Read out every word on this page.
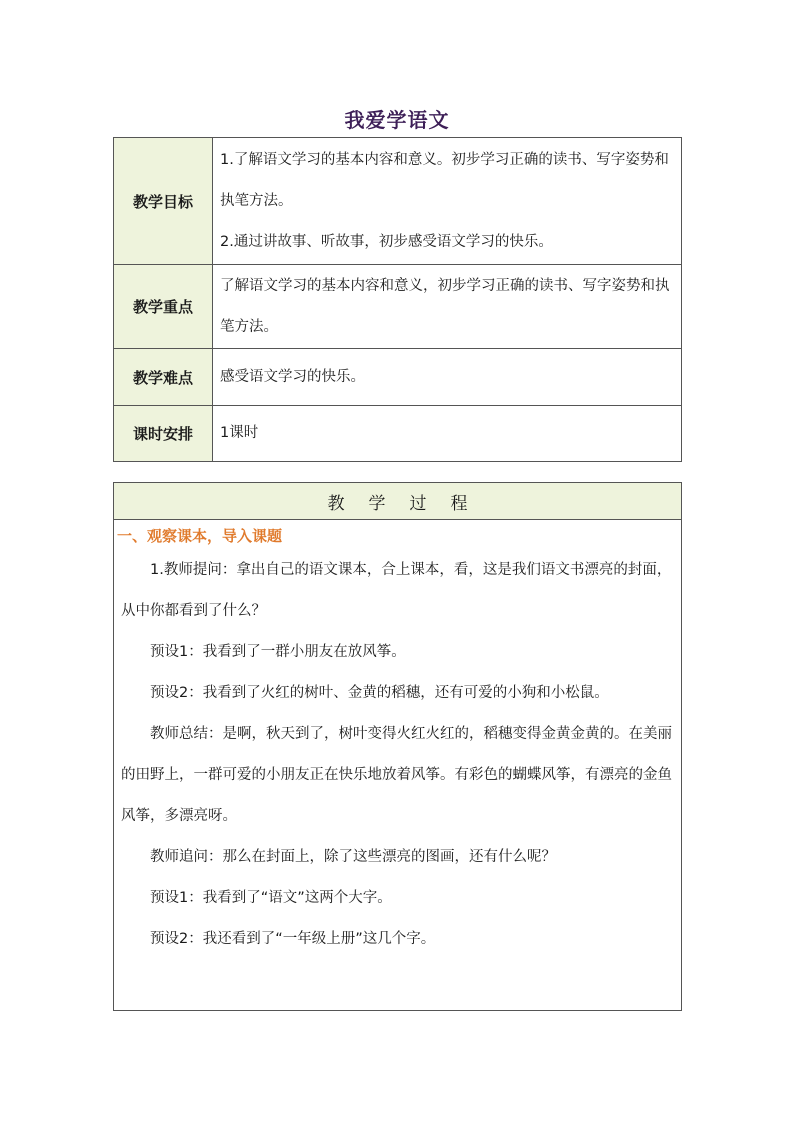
我爱学语文
教学目标	1.了解语文学习的基本内容和意义。初步学习正确的读书、写字姿势和执笔方法。
2.通过讲故事、听故事，初步感受语文学习的快乐。

教学重点	了解语文学习的基本内容和意义，初步学习正确的读书、写字姿势和执笔方法。

教学难点	感受语文学习的快乐。

课时安排	1课时
教学过程

一、观察课本，导入课题

1.教师提问：拿出自己的语文课本，合上课本，看，这是我们语文书漂亮的封面，从中你都看到了什么？

预设1：我看到了一群小朋友在放风筝。

预设2：我看到了火红的树叶、金黄的稻穗，还有可爱的小狗和小松鼠。

教师总结：是啊，秋天到了，树叶变得火红火红的，稻穗变得金黄金黄的。在美丽的田野上，一群可爱的小朋友正在快乐地放着风筝。有彩色的蝴蝶风筝，有漂亮的金鱼风筝，多漂亮呀。

教师追问：那么在封面上，除了这些漂亮的图画，还有什么呢？

预设1：我看到了“语文”这两个大字。

预设2：我还看到了“一年级上册”这几个字。
